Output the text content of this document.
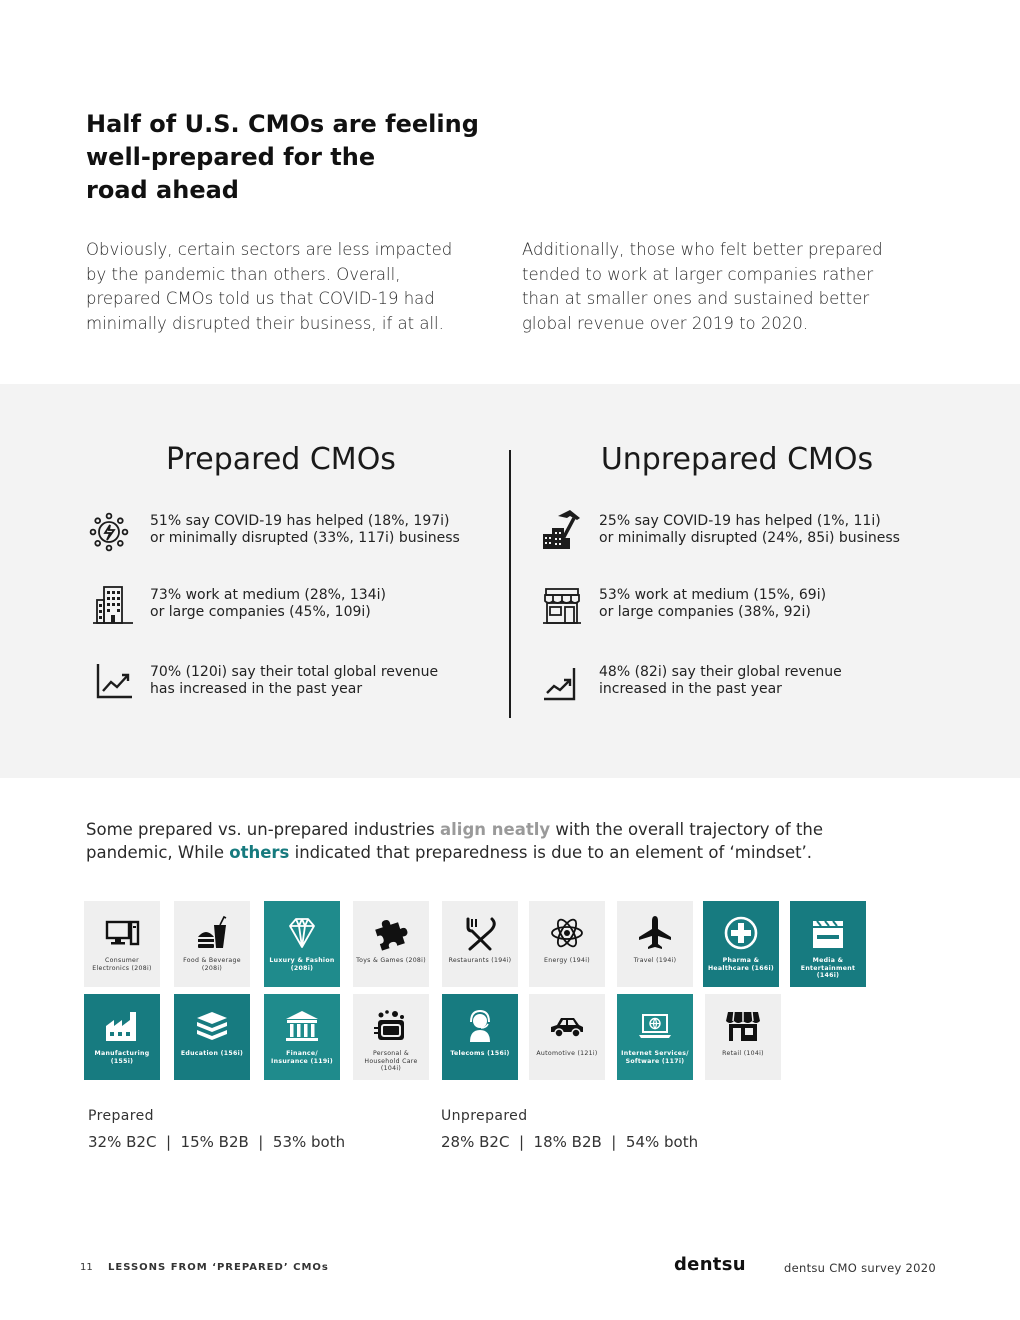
Half of U.S. CMOs are feeling
well-prepared for the
road ahead

Obviously, certain sectors are less impacted

by the pandemic than others. Overall,

prepared CMOs told us that COVID-19 had

minimally disrupted their business, if at all.

Additionally, those who felt better prepared

tended to work at larger companies rather

than at smaller ones and sustained better

global revenue over 2019 to 2020.

Prepared CMOs	Unprepared CMOs
51% say COVID-19 has helped (18%, 197i)
or minimally disrupted (33%, 117i) business
73% work at medium (28%, 134i)
or large companies (45%, 109i)
70% (120i) say their total global revenue
has increased in the past year
25% say COVID-19 has helped (1%, 11i)
or minimally disrupted (24%, 85i) business
53% work at medium (15%, 69i)
or large companies (38%, 92i)
48% (82i) say their global revenue
increased in the past year
Some prepared vs. un-prepared industries align neatly with the overall trajectory of the
pandemic, While others indicated that preparedness is due to an element of ‘mindset’.
Consumer Electronics (208i)
Food & Beverage (208i)
Luxury & Fashion (208i)
Toys & Games (208i)	Restaurants (194i)	Energy (194i)	Travel (194i)	Pharma & Healthcare (166i)
Media & Entertainment (146i)
Manufacturing (155i)
Education (156i)	Finance/ Insurance (119i)
Personal & Household Care (104i)
Telecoms (156i)	Automotive (121i)	Internet Services/ Software (117i)
Retail (104i)
Prepared
32% B2C  |  15% B2B  |  53% both
Unprepared
28% B2C  |  18% B2B  |  54% both
11 LESSONS FROM ‘PREPARED’ CMOs	dentsu	dentsu CMO survey 2020
